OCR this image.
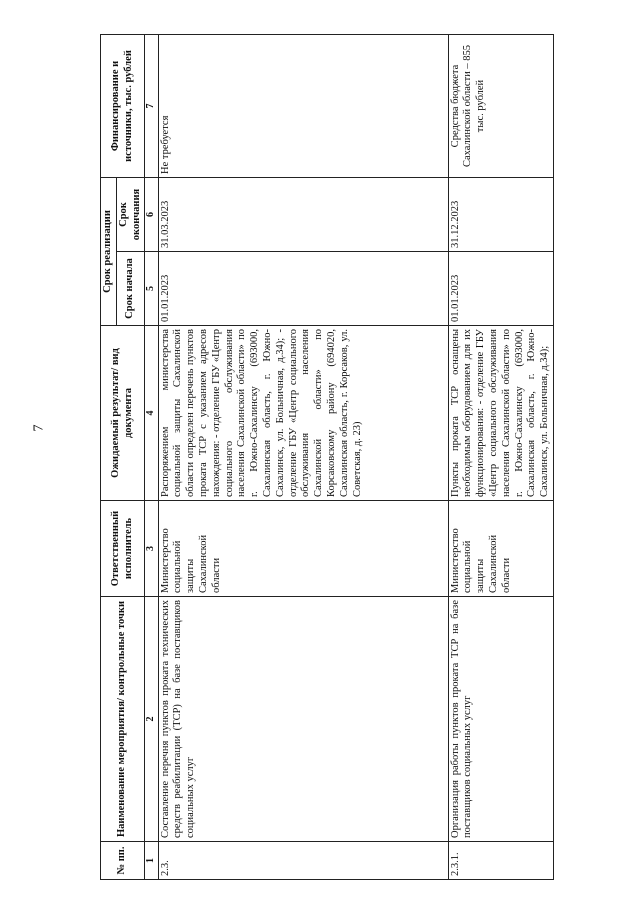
7
№ пп.	Наименование мероприятия/ контрольные точки	Ответственный исполнитель	Ожидаемый результат/ вид документа	Срок реализации		Финансирование и источники, тыс. рублей
				Срок начала	Срок окончания	
1	2	3	4	5	6	7
2.3.	Составление перечня пунктов проката технических средств реабилитации (ТСР) на базе поставщиков социальных услуг	Министерство социальной защиты Сахалинской области	Распоряжением министерства социальной защиты Сахалинской области определен перечень пунктов проката ТСР с указанием адресов нахождения: - отделение ГБУ «Центр социального обслуживания населения Сахалинской области» по г. Южно-Сахалинску (693000, Сахалинская область, г. Южно-Сахалинск, ул. Больничная, д.34); - отделение ГБУ «Центр социального обслуживания населения Сахалинской области» по Корсаковскому району (694020, Сахалинская область, г. Корсаков, ул. Советская, д. 23)	01.01.2023	31.03.2023	Не требуется
2.3.1.	Организация работы пунктов проката ТСР на базе поставщиков социальных услуг	Министерство социальной защиты Сахалинской области	Пункты проката ТСР оснащены необходимым оборудованием для их функционирования: - отделение ГБУ «Центр социального обслуживания населения Сахалинской области» по г. Южно-Сахалинску (693000, Сахалинская область, г. Южно-Сахалинск, ул. Больничная, д.34);	01.01.2023	31.12.2023	Средства бюджета Сахалинской области – 855 тыс. рублей
